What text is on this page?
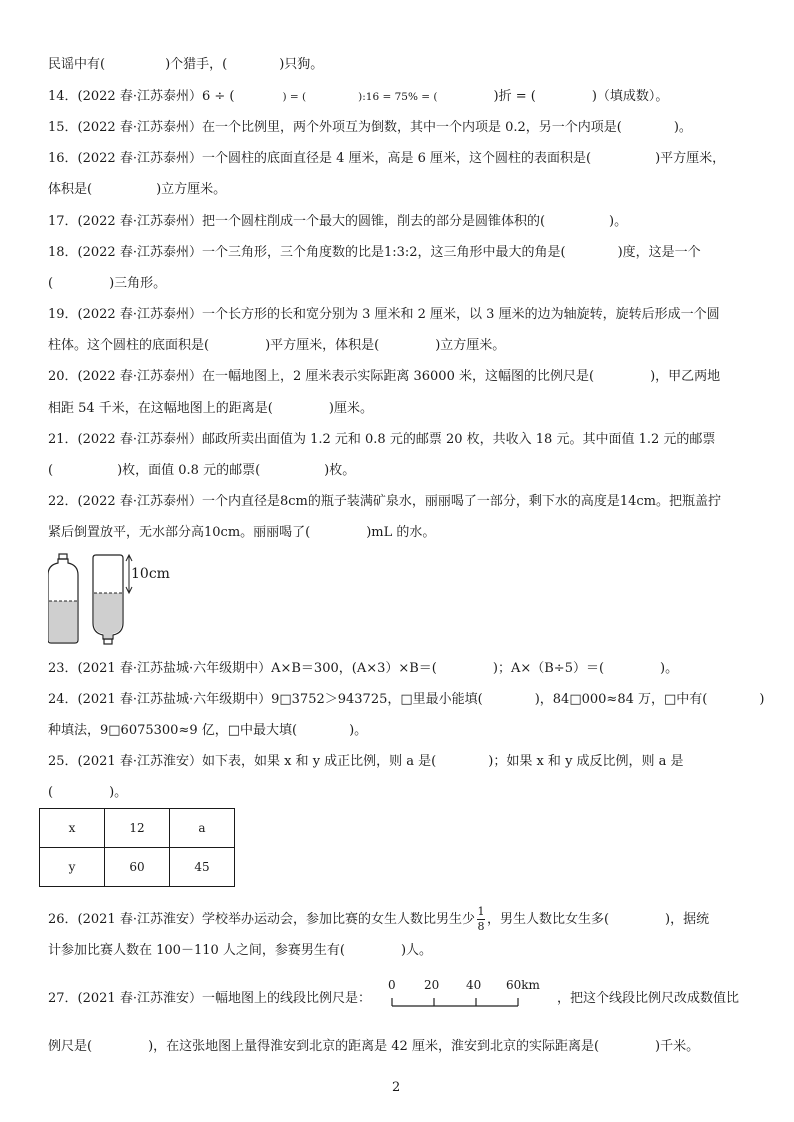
民谣中有(	)个猎手，(	)只狗。
14．(2022 春·江苏泰州）6 ÷ (	) = (	):16 = 75% = (	)折 = (	)（填成数）。
15．(2022 春·江苏泰州）在一个比例里，两个外项互为倒数，其中一个内项是 0.2，另一个内项是(	)。
16．(2022 春·江苏泰州）一个圆柱的底面直径是 4 厘米，高是 6 厘米，这个圆柱的表面积是(	)平方厘米，
体积是(	)立方厘米。
17．(2022 春·江苏泰州）把一个圆柱削成一个最大的圆锥，削去的部分是圆锥体积的(	)。
18．(2022 春·江苏泰州）一个三角形，三个角度数的比是1:3:2，这三角形中最大的角是(	)度，这是一个
(	)三角形。
19．(2022 春·江苏泰州）一个长方形的长和宽分别为 3 厘米和 2 厘米，以 3 厘米的边为轴旋转，旋转后形成一个圆
柱体。这个圆柱的底面积是(	)平方厘米，体积是(	)立方厘米。
20．(2022 春·江苏泰州）在一幅地图上，2 厘米表示实际距离 36000 米，这幅图的比例尺是(	)，甲乙两地
相距 54 千米，在这幅地图上的距离是(	)厘米。
21．(2022 春·江苏泰州）邮政所卖出面值为 1.2 元和 0.8 元的邮票 20 枚，共收入 18 元。其中面值 1.2 元的邮票
(	)枚，面值 0.8 元的邮票(	)枚。
22．(2022 春·江苏泰州）一个内直径是8cm的瓶子装满矿泉水，丽丽喝了一部分，剩下水的高度是14cm。把瓶盖拧
紧后倒置放平，无水部分高10cm。丽丽喝了(	)mL 的水。
10cm
23．(2021 春·江苏盐城·六年级期中）A×B＝300，(A×3）×B＝(	)；A×（B÷5）＝(	)。
24．(2021 春·江苏盐城·六年级期中）9□3752＞943725，□里最小能填(	)，84□000≈84 万，□中有(	)
种填法，9□6075300≈9 亿，□中最大填(	)。
25．(2021 春·江苏淮安）如下表，如果 x 和 y 成正比例，则 a 是(	)；如果 x 和 y 成反比例，则 a 是
(	)。
x	12	a
y	60	45
26．(2021 春·江苏淮安）学校举办运动会，参加比赛的女生人数比男生少 $\frac{1}{8}$ ，男生人数比女生多(	)，据统
计参加比赛人数在 100－110 人之间，参赛男生有(	)人。
27．(2021 春·江苏淮安）一幅地图上的线段比例尺是：	，把这个线段比例尺改成数值比
0 20 40 60km
例尺是(	)，在这张地图上量得淮安到北京的距离是 42 厘米，淮安到北京的实际距离是(	)千米。
2
